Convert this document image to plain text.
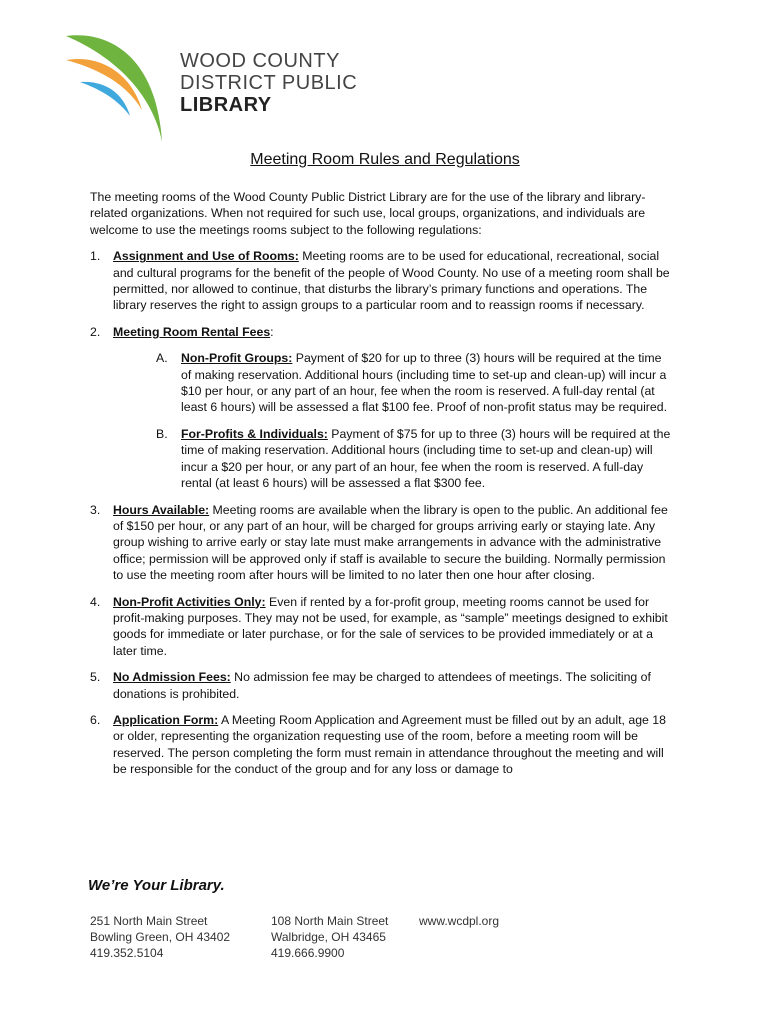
WOOD COUNTY
DISTRICT PUBLIC
LIBRARY
Meeting Room Rules and Regulations

The meeting rooms of the Wood County Public District Library are for the use of the library and library-related organizations. When not required for such use, local groups, organizations, and individuals are welcome to use the meetings rooms subject to the following regulations:

1. Assignment and Use of Rooms: Meeting rooms are to be used for educational, recreational, social and cultural programs for the benefit of the people of Wood County. No use of a meeting room shall be permitted, nor allowed to continue, that disturbs the library’s primary functions and operations. The library reserves the right to assign groups to a particular room and to reassign rooms if necessary.
2. Meeting Room Rental Fees:
A. Non-Profit Groups: Payment of $20 for up to three (3) hours will be required at the time of making reservation. Additional hours (including time to set-up and clean-up) will incur a $10 per hour, or any part of an hour, fee when the room is reserved. A full-day rental (at least 6 hours) will be assessed a flat $100 fee. Proof of non-profit status may be required.
B. For-Profits & Individuals: Payment of $75 for up to three (3) hours will be required at the time of making reservation. Additional hours (including time to set-up and clean-up) will incur a $20 per hour, or any part of an hour, fee when the room is reserved. A full-day rental (at least 6 hours) will be assessed a flat $300 fee.
3. Hours Available: Meeting rooms are available when the library is open to the public. An additional fee of $150 per hour, or any part of an hour, will be charged for groups arriving early or staying late. Any group wishing to arrive early or stay late must make arrangements in advance with the administrative office; permission will be approved only if staff is available to secure the building. Normally permission to use the meeting room after hours will be limited to no later then one hour after closing.
4. Non-Profit Activities Only: Even if rented by a for-profit group, meeting rooms cannot be used for profit-making purposes. They may not be used, for example, as “sample” meetings designed to exhibit goods for immediate or later purchase, or for the sale of services to be provided immediately or at a later time.
5. No Admission Fees: No admission fee may be charged to attendees of meetings. The soliciting of donations is prohibited.
6. Application Form: A Meeting Room Application and Agreement must be filled out by an adult, age 18 or older, representing the organization requesting use of the room, before a meeting room will be reserved. The person completing the form must remain in attendance throughout the meeting and will be responsible for the conduct of the group and for any loss or damage to
We’re Your Library.
251 North Main Street
Bowling Green, OH 43402
419.352.5104
108 North Main Street
Walbridge, OH 43465
419.666.9900
www.wcdpl.org
